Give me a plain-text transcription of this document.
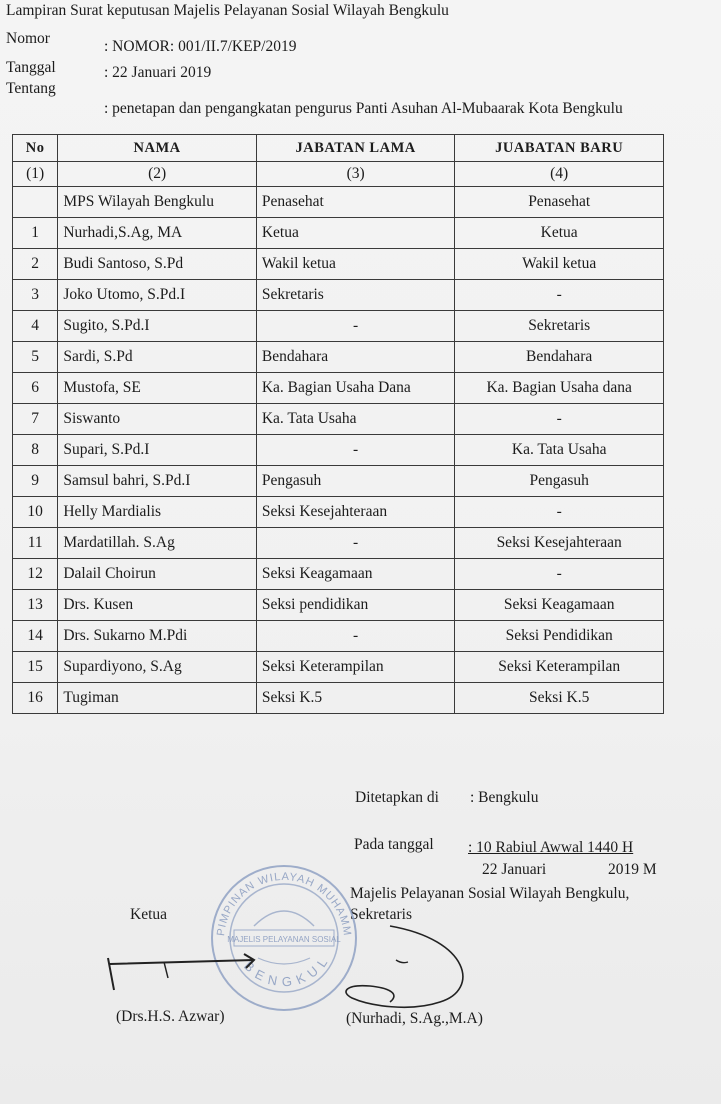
Lampiran Surat keputusan Majelis Pelayanan Sosial Wilayah Bengkulu
Nomor	: NOMOR: 001/II.7/KEP/2019
Tanggal	: 22 Januari 2019
Tentang
: penetapan dan pengangkatan pengurus Panti Asuhan Al-Mubaarak Kota Bengkulu
No	NAMA	JABATAN LAMA	JUABATAN BARU
(1)	(2)	(3)	(4)
	MPS Wilayah Bengkulu	Penasehat	Penasehat
1	Nurhadi,S.Ag, MA	Ketua	Ketua
2	Budi Santoso, S.Pd	Wakil ketua	Wakil ketua
3	Joko Utomo, S.Pd.I	Sekretaris	-
4	Sugito, S.Pd.I	-	Sekretaris
5	Sardi, S.Pd	Bendahara	Bendahara
6	Mustofa, SE	Ka. Bagian Usaha Dana	Ka. Bagian Usaha dana
7	Siswanto	Ka. Tata Usaha	-
8	Supari, S.Pd.I	-	Ka. Tata Usaha
9	Samsul bahri, S.Pd.I	Pengasuh	Pengasuh
10	Helly Mardialis	Seksi Kesejahteraan	-
11	Mardatillah. S.Ag	-	Seksi Kesejahteraan
12	Dalail Choirun	Seksi Keagamaan	-
13	Drs. Kusen	Seksi pendidikan	Seksi Keagamaan
14	Drs. Sukarno M.Pdi	-	Seksi Pendidikan
15	Supardiyono, S.Ag	Seksi Keterampilan	Seksi Keterampilan
16	Tugiman	Seksi K.5	Seksi K.5
Ditetapkan di : Bengkulu
Pada tanggal : 10 Rabiul Awwal 1440 H
22 Januari	2019 M
Majelis Pelayanan Sosial Wilayah Bengkulu,
Ketua	Sekretaris
PIMPINAN WILAYAH MUHAMM
BENGKUL
MAJELIS PELAYANAN SOSIAL
(Drs.H.S. Azwar)	(Nurhadi, S.Ag.,M.A)
